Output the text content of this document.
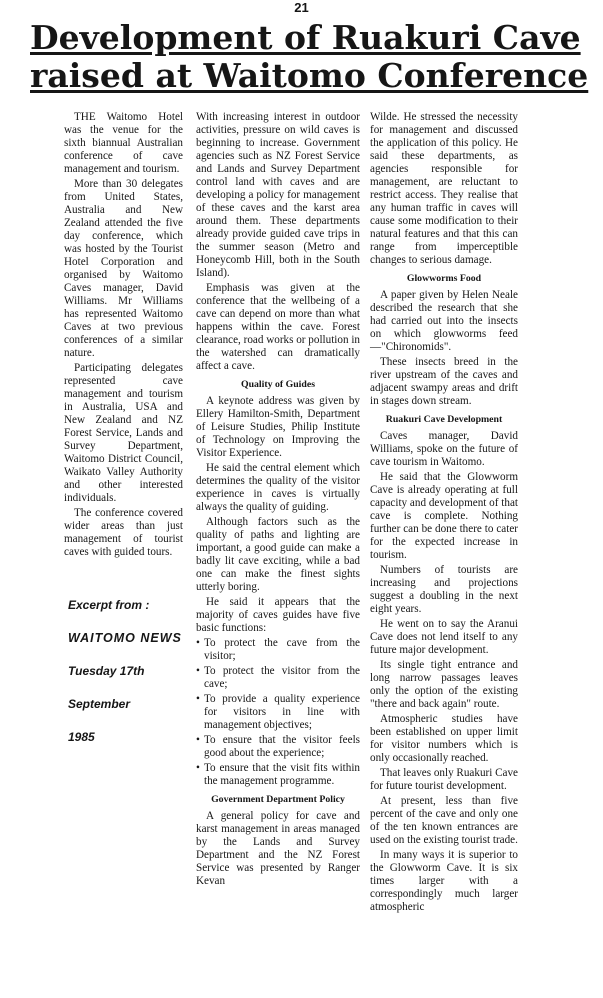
21
Development of Ruakuri Cave
raised at Waitomo Conference

THE Waitomo Hotel was the venue for the sixth biannual Australian conference of cave management and tourism.

More than 30 delegates from United States, Australia and New Zealand attended the five day conference, which was hosted by the Tourist Hotel Corporation and organised by Waitomo Caves manager, David Williams. Mr Williams has represented Waitomo Caves at two previous conferences of a similar nature.

Participating delegates represented cave management and tourism in Australia, USA and New Zealand and NZ Forest Service, Lands and Survey Department, Waitomo District Council, Waikato Valley Authority and other interested individuals.

The conference covered wider areas than just management of tourist caves with guided tours.

Excerpt from :
WAITOMO NEWS
Tuesday 17th
September
1985

With increasing interest in outdoor activities, pressure on wild caves is beginning to increase. Government agencies such as NZ Forest Service and Lands and Survey Department control land with caves and are developing a policy for management of these caves and the karst area around them. These departments already provide guided cave trips in the summer season (Metro and Honeycomb Hill, both in the South Island).

Emphasis was given at the conference that the wellbeing of a cave can depend on more than what happens within the cave. Forest clearance, road works or pollution in the watershed can dramatically affect a cave.

Quality of Guides

A keynote address was given by Ellery Hamilton-Smith, Department of Leisure Studies, Philip Institute of Technology on Improving the Visitor Experience.

He said the central element which determines the quality of the visitor experience in caves is virtually always the quality of guiding.

Although factors such as the quality of paths and lighting are important, a good guide can make a badly lit cave exciting, while a bad one can make the finest sights utterly boring.

He said it appears that the majority of caves guides have five basic functions:

• To protect the cave from the visitor;

• To protect the visitor from the cave;

• To provide a quality experience for visitors in line with management objectives;

• To ensure that the visitor feels good about the experience;

• To ensure that the visit fits within the management programme.

Government Department Policy

A general policy for cave and karst management in areas managed by the Lands and Survey Department and the NZ Forest Service was presented by Ranger Kevan

Wilde. He stressed the necessity for management and discussed the application of this policy. He said these departments, as agencies responsible for management, are reluctant to restrict access. They realise that any human traffic in caves will cause some modification to their natural features and that this can range from imperceptible changes to serious damage.

Glowworms Food

A paper given by Helen Neale described the research that she had carried out into the insects on which glowworms feed—"Chironomids".

These insects breed in the river upstream of the caves and adjacent swampy areas and drift in stages down stream.

Ruakuri Cave Development

Caves manager, David Williams, spoke on the future of cave tourism in Waitomo.

He said that the Glowworm Cave is already operating at full capacity and development of that cave is complete. Nothing further can be done there to cater for the expected increase in tourism.

Numbers of tourists are increasing and projections suggest a doubling in the next eight years.

He went on to say the Aranui Cave does not lend itself to any future major development.

Its single tight entrance and long narrow passages leaves only the option of the existing "there and back again" route.

Atmospheric studies have been established on upper limit for visitor numbers which is only occasionally reached.

That leaves only Ruakuri Cave for future tourist development.

At present, less than five percent of the cave and only one of the ten known entrances are used on the existing tourist trade.

In many ways it is superior to the Glowworm Cave. It is six times larger with a correspondingly much larger atmospheric
